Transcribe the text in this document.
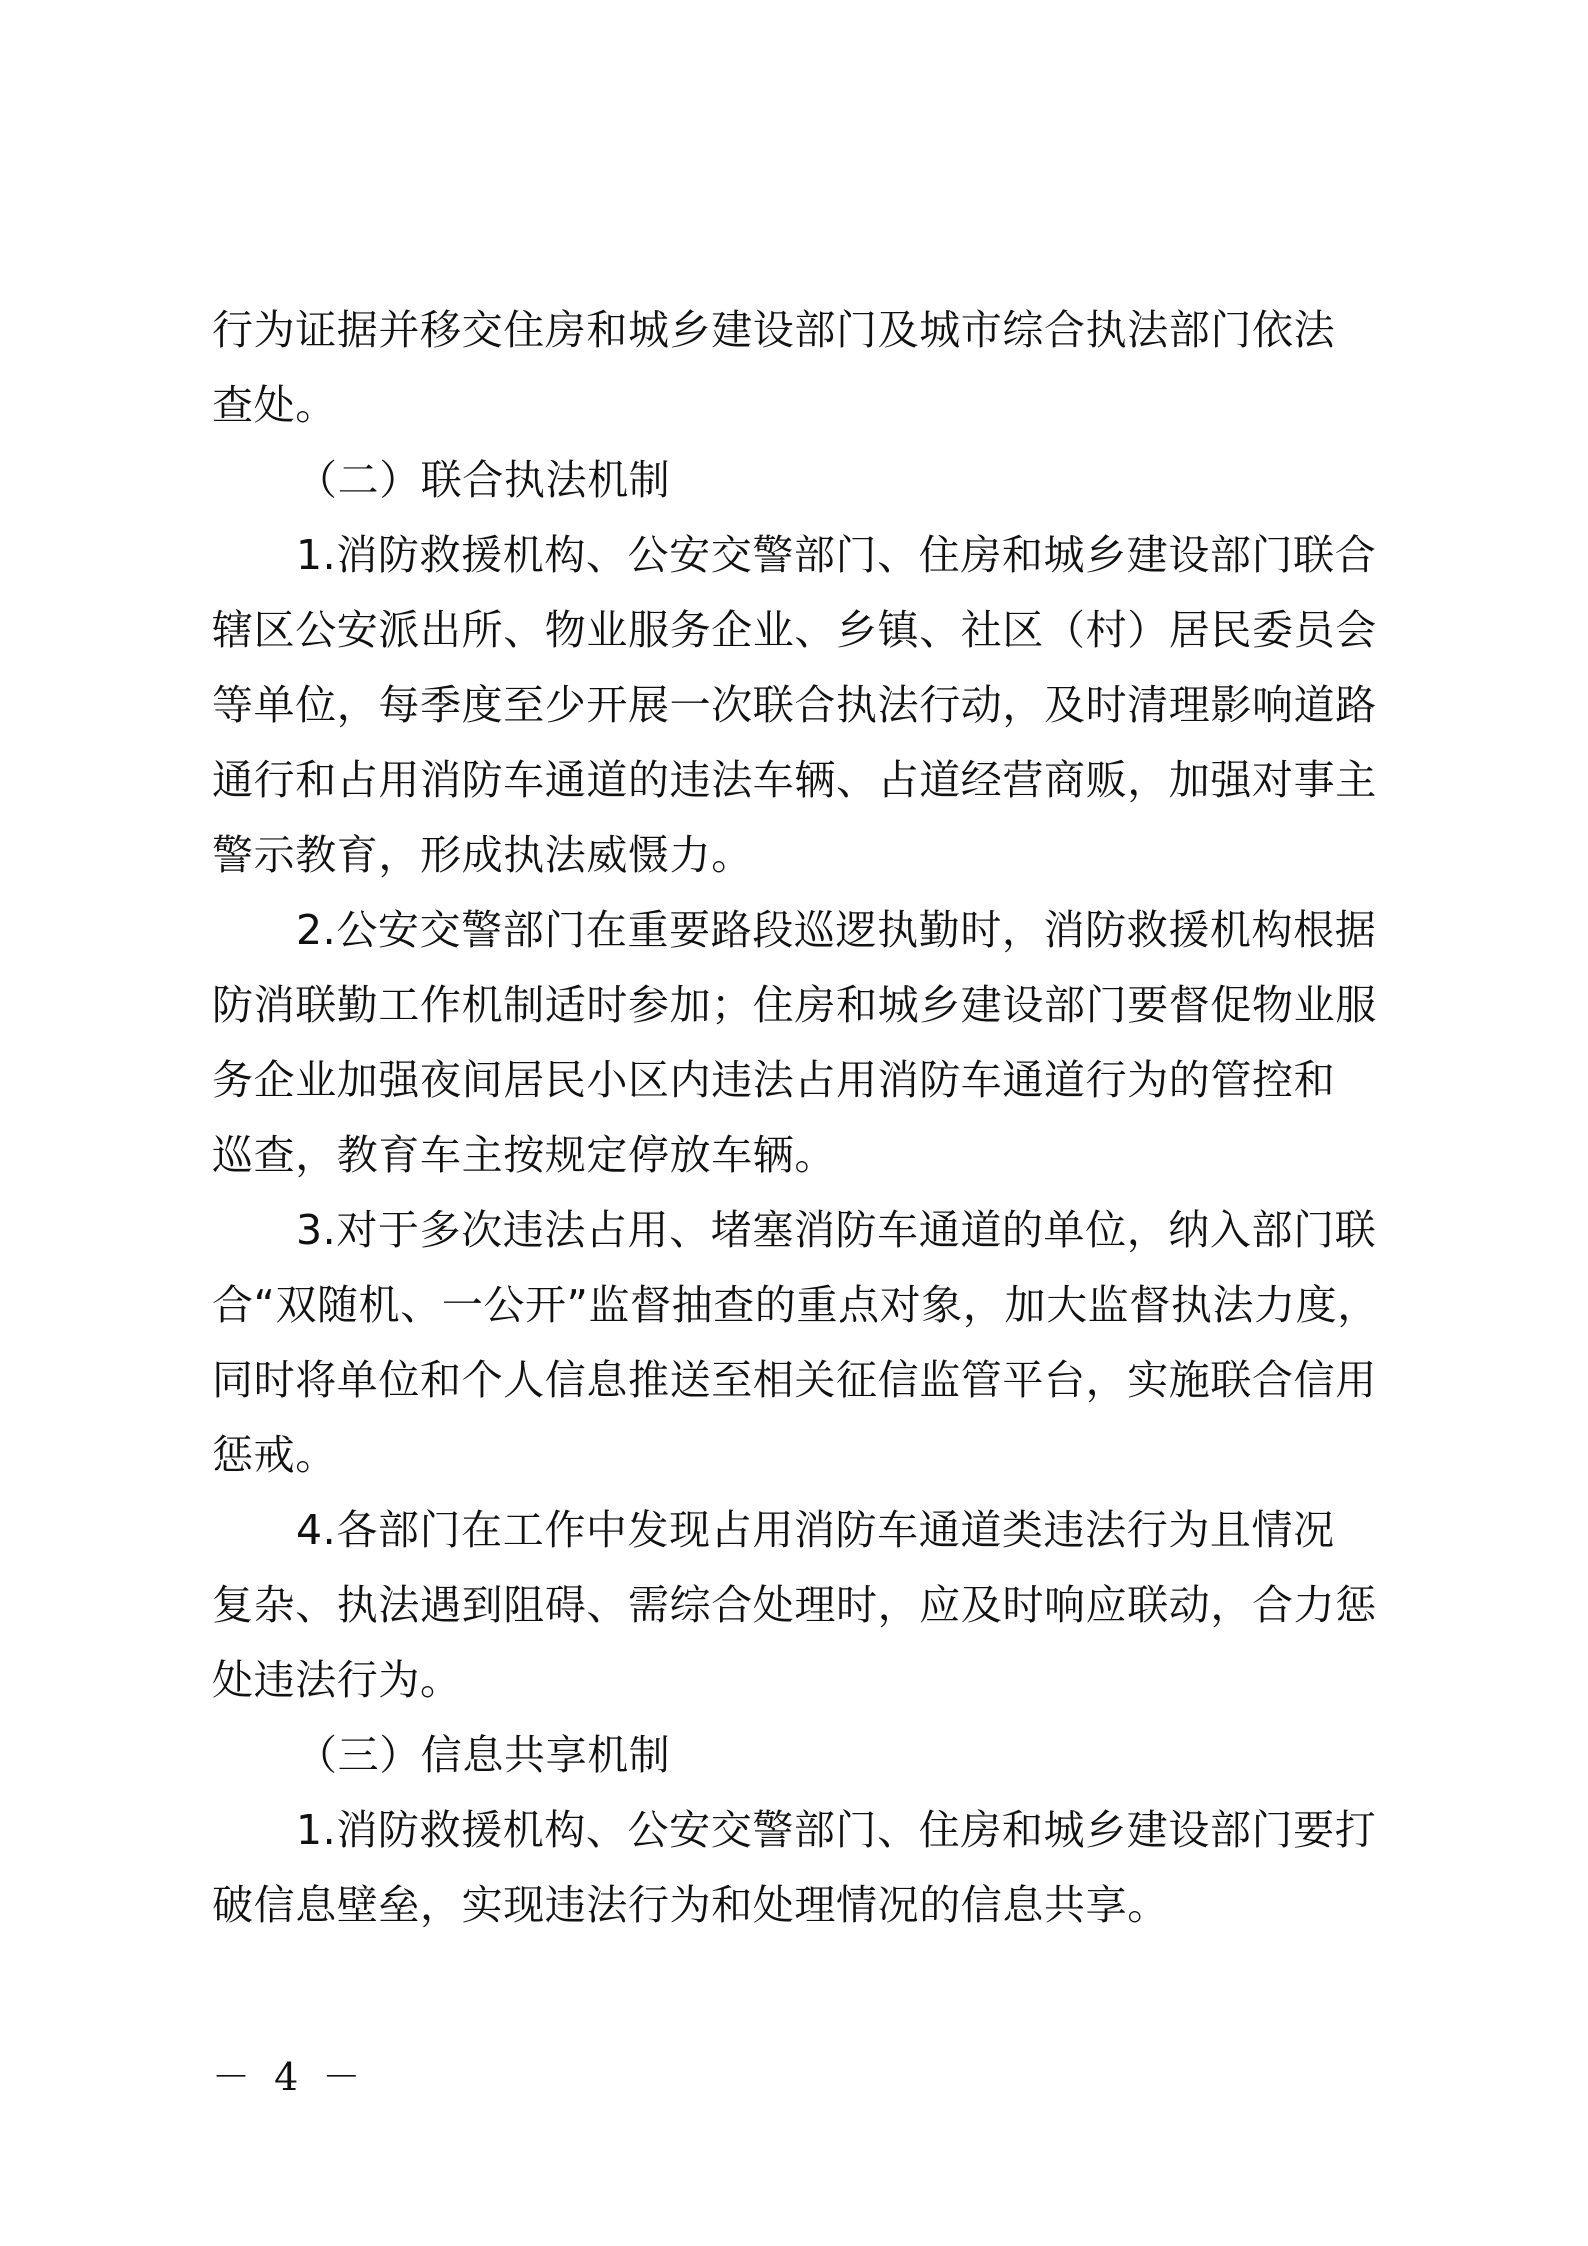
行为证据并移交住房和城乡建设部门及城市综合执法部门依法
查处。
（二）联合执法机制
1.消防救援机构、公安交警部门、住房和城乡建设部门联合
辖区公安派出所、物业服务企业、乡镇、社区（村）居民委员会
等单位，每季度至少开展一次联合执法行动，及时清理影响道路
通行和占用消防车通道的违法车辆、占道经营商贩，加强对事主
警示教育，形成执法威慑力。
2.公安交警部门在重要路段巡逻执勤时，消防救援机构根据
防消联勤工作机制适时参加；住房和城乡建设部门要督促物业服
务企业加强夜间居民小区内违法占用消防车通道行为的管控和
巡查，教育车主按规定停放车辆。
3.对于多次违法占用、堵塞消防车通道的单位，纳入部门联
合“双随机、一公开”监督抽查的重点对象，加大监督执法力度，
同时将单位和个人信息推送至相关征信监管平台，实施联合信用
惩戒。
4.各部门在工作中发现占用消防车通道类违法行为且情况
复杂、执法遇到阻碍、需综合处理时，应及时响应联动，合力惩
处违法行为。
（三）信息共享机制
1.消防救援机构、公安交警部门、住房和城乡建设部门要打
破信息壁垒，实现违法行为和处理情况的信息共享。
－ 4 －
